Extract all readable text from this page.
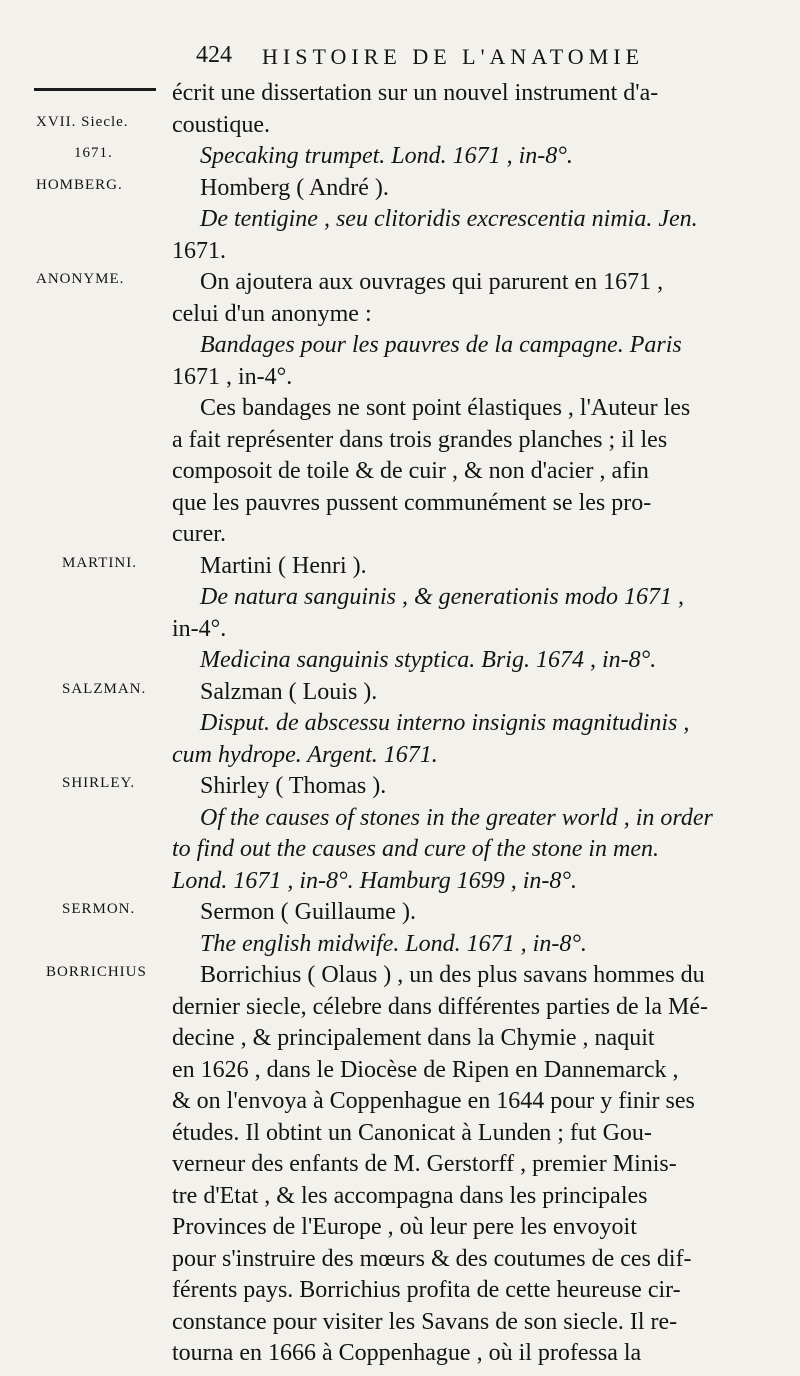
424 HISTOIRE DE L'ANATOMIE
écrit une dissertation sur un nouvel instrument d'a-
XVII. Siecle. coustique.
1671.	Specaking trumpet. Lond. 1671 , in-8°.
HOMBERG.	Homberg ( André ).
De tentigine , seu clitoridis excrescentia nimia. Jen.
1671.
ANONYME.	On ajoutera aux ouvrages qui parurent en 1671 ,
celui d'un anonyme :
Bandages pour les pauvres de la campagne. Paris
1671 , in-4°.
Ces bandages ne sont point élastiques , l'Auteur les
a fait représenter dans trois grandes planches ; il les
composoit de toile & de cuir , & non d'acier , afin
que les pauvres pussent communément se les pro-
curer.
MARTINI.	Martini ( Henri ).
De natura sanguinis , & generationis modo 1671 ,
in-4°.
Medicina sanguinis styptica. Brig. 1674 , in-8°.
SALZMAN. Salzman ( Louis ).
Disput. de abscessu interno insignis magnitudinis ,
cum hydrope. Argent. 1671.
SHIRLEY.	Shirley ( Thomas ).
Of the causes of stones in the greater world , in order
to find out the causes and cure of the stone in men.
Lond. 1671 , in-8°. Hamburg 1699 , in-8°.
SERMON.	Sermon ( Guillaume ).
The english midwife. Lond. 1671 , in-8°.
BORRICHIUS Borrichius ( Olaus ) , un des plus savans hommes du
dernier siecle, célebre dans différentes parties de la Mé-
decine , & principalement dans la Chymie , naquit
en 1626 , dans le Diocèse de Ripen en Dannemarck ,
& on l'envoya à Coppenhague en 1644 pour y finir ses
études. Il obtint un Canonicat à Lunden ; fut Gou-
verneur des enfants de M. Gerstorff , premier Minis-
tre d'Etat , & les accompagna dans les principales
Provinces de l'Europe , où leur pere les envoyoit
pour s'instruire des mœurs & des coutumes de ces dif-
férents pays. Borrichius profita de cette heureuse cir-
constance pour visiter les Savans de son siecle. Il re-
tourna en 1666 à Coppenhague , où il professa la
